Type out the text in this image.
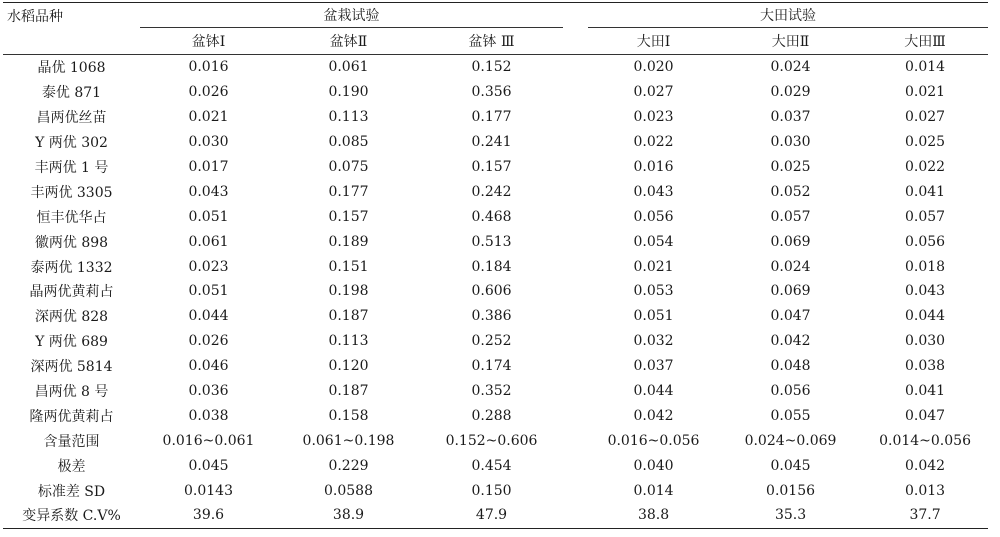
水稻品种	盆栽试验				大田试验		
	盆钵Ⅰ	盆钵Ⅱ	盆钵 Ⅲ		大田Ⅰ	大田Ⅱ	大田Ⅲ
晶优 1068	0.016	0.061	0.152		0.020	0.024	0.014
泰优 871	0.026	0.190	0.356		0.027	0.029	0.021
昌两优丝苗	0.021	0.113	0.177		0.023	0.037	0.027
Y 两优 302	0.030	0.085	0.241		0.022	0.030	0.025
丰两优 1 号	0.017	0.075	0.157		0.016	0.025	0.022
丰两优 3305	0.043	0.177	0.242		0.043	0.052	0.041
恒丰优华占	0.051	0.157	0.468		0.056	0.057	0.057
徽两优 898	0.061	0.189	0.513		0.054	0.069	0.056
泰两优 1332	0.023	0.151	0.184		0.021	0.024	0.018
晶两优黄莉占	0.051	0.198	0.606		0.053	0.069	0.043
深两优 828	0.044	0.187	0.386		0.051	0.047	0.044
Y 两优 689	0.026	0.113	0.252		0.032	0.042	0.030
深两优 5814	0.046	0.120	0.174		0.037	0.048	0.038
昌两优 8 号	0.036	0.187	0.352		0.044	0.056	0.041
隆两优黄莉占	0.038	0.158	0.288		0.042	0.055	0.047
含量范围	0.016~0.061	0.061~0.198	0.152~0.606		0.016~0.056	0.024~0.069	0.014~0.056
极差	0.045	0.229	0.454		0.040	0.045	0.042
标准差 SD	0.0143	0.0588	0.150		0.014	0.0156	0.013
变异系数 C.V%	39.6	38.9	47.9		38.8	35.3	37.7
